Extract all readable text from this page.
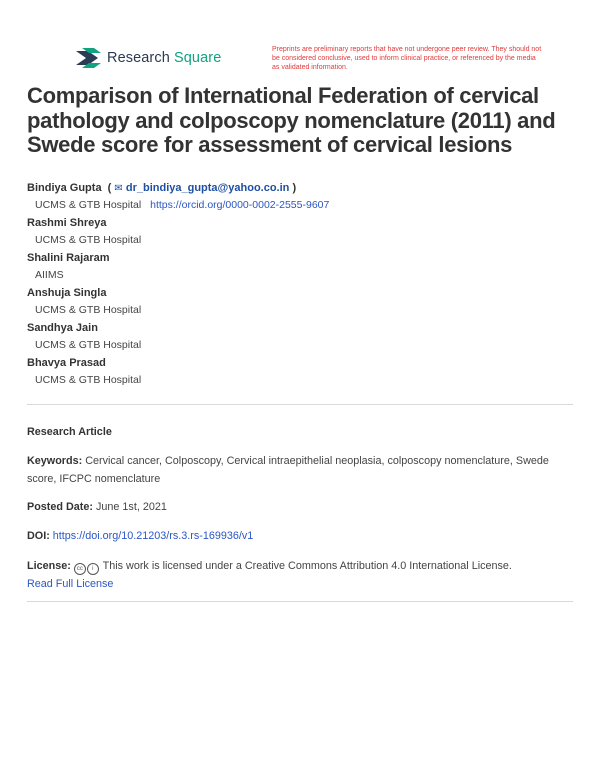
Research Square
Preprints are preliminary reports that have not undergone peer review. They should not be considered conclusive, used to inform clinical practice, or referenced by the media as validated information.
Comparison of International Federation of cervical pathology and colposcopy nomenclature (2011) and Swede score for assessment of cervical lesions
Bindiya Gupta  ( ✉ dr_bindiya_gupta@yahoo.co.in )
UCMS & GTB Hospital https://orcid.org/0000-0002-2555-9607
Rashmi Shreya
UCMS & GTB Hospital
Shalini Rajaram
AIIMS
Anshuja Singla
UCMS & GTB Hospital
Sandhya Jain
UCMS & GTB Hospital
Bhavya Prasad
UCMS & GTB Hospital
Research Article
Keywords: Cervical cancer, Colposcopy, Cervical intraepithelial neoplasia, colposcopy nomenclature, Swede score, IFCPC nomenclature
Posted Date: June 1st, 2021
DOI: https://doi.org/10.21203/rs.3.rs-169936/v1
License: cc i This work is licensed under a Creative Commons Attribution 4.0 International License.
Read Full License
